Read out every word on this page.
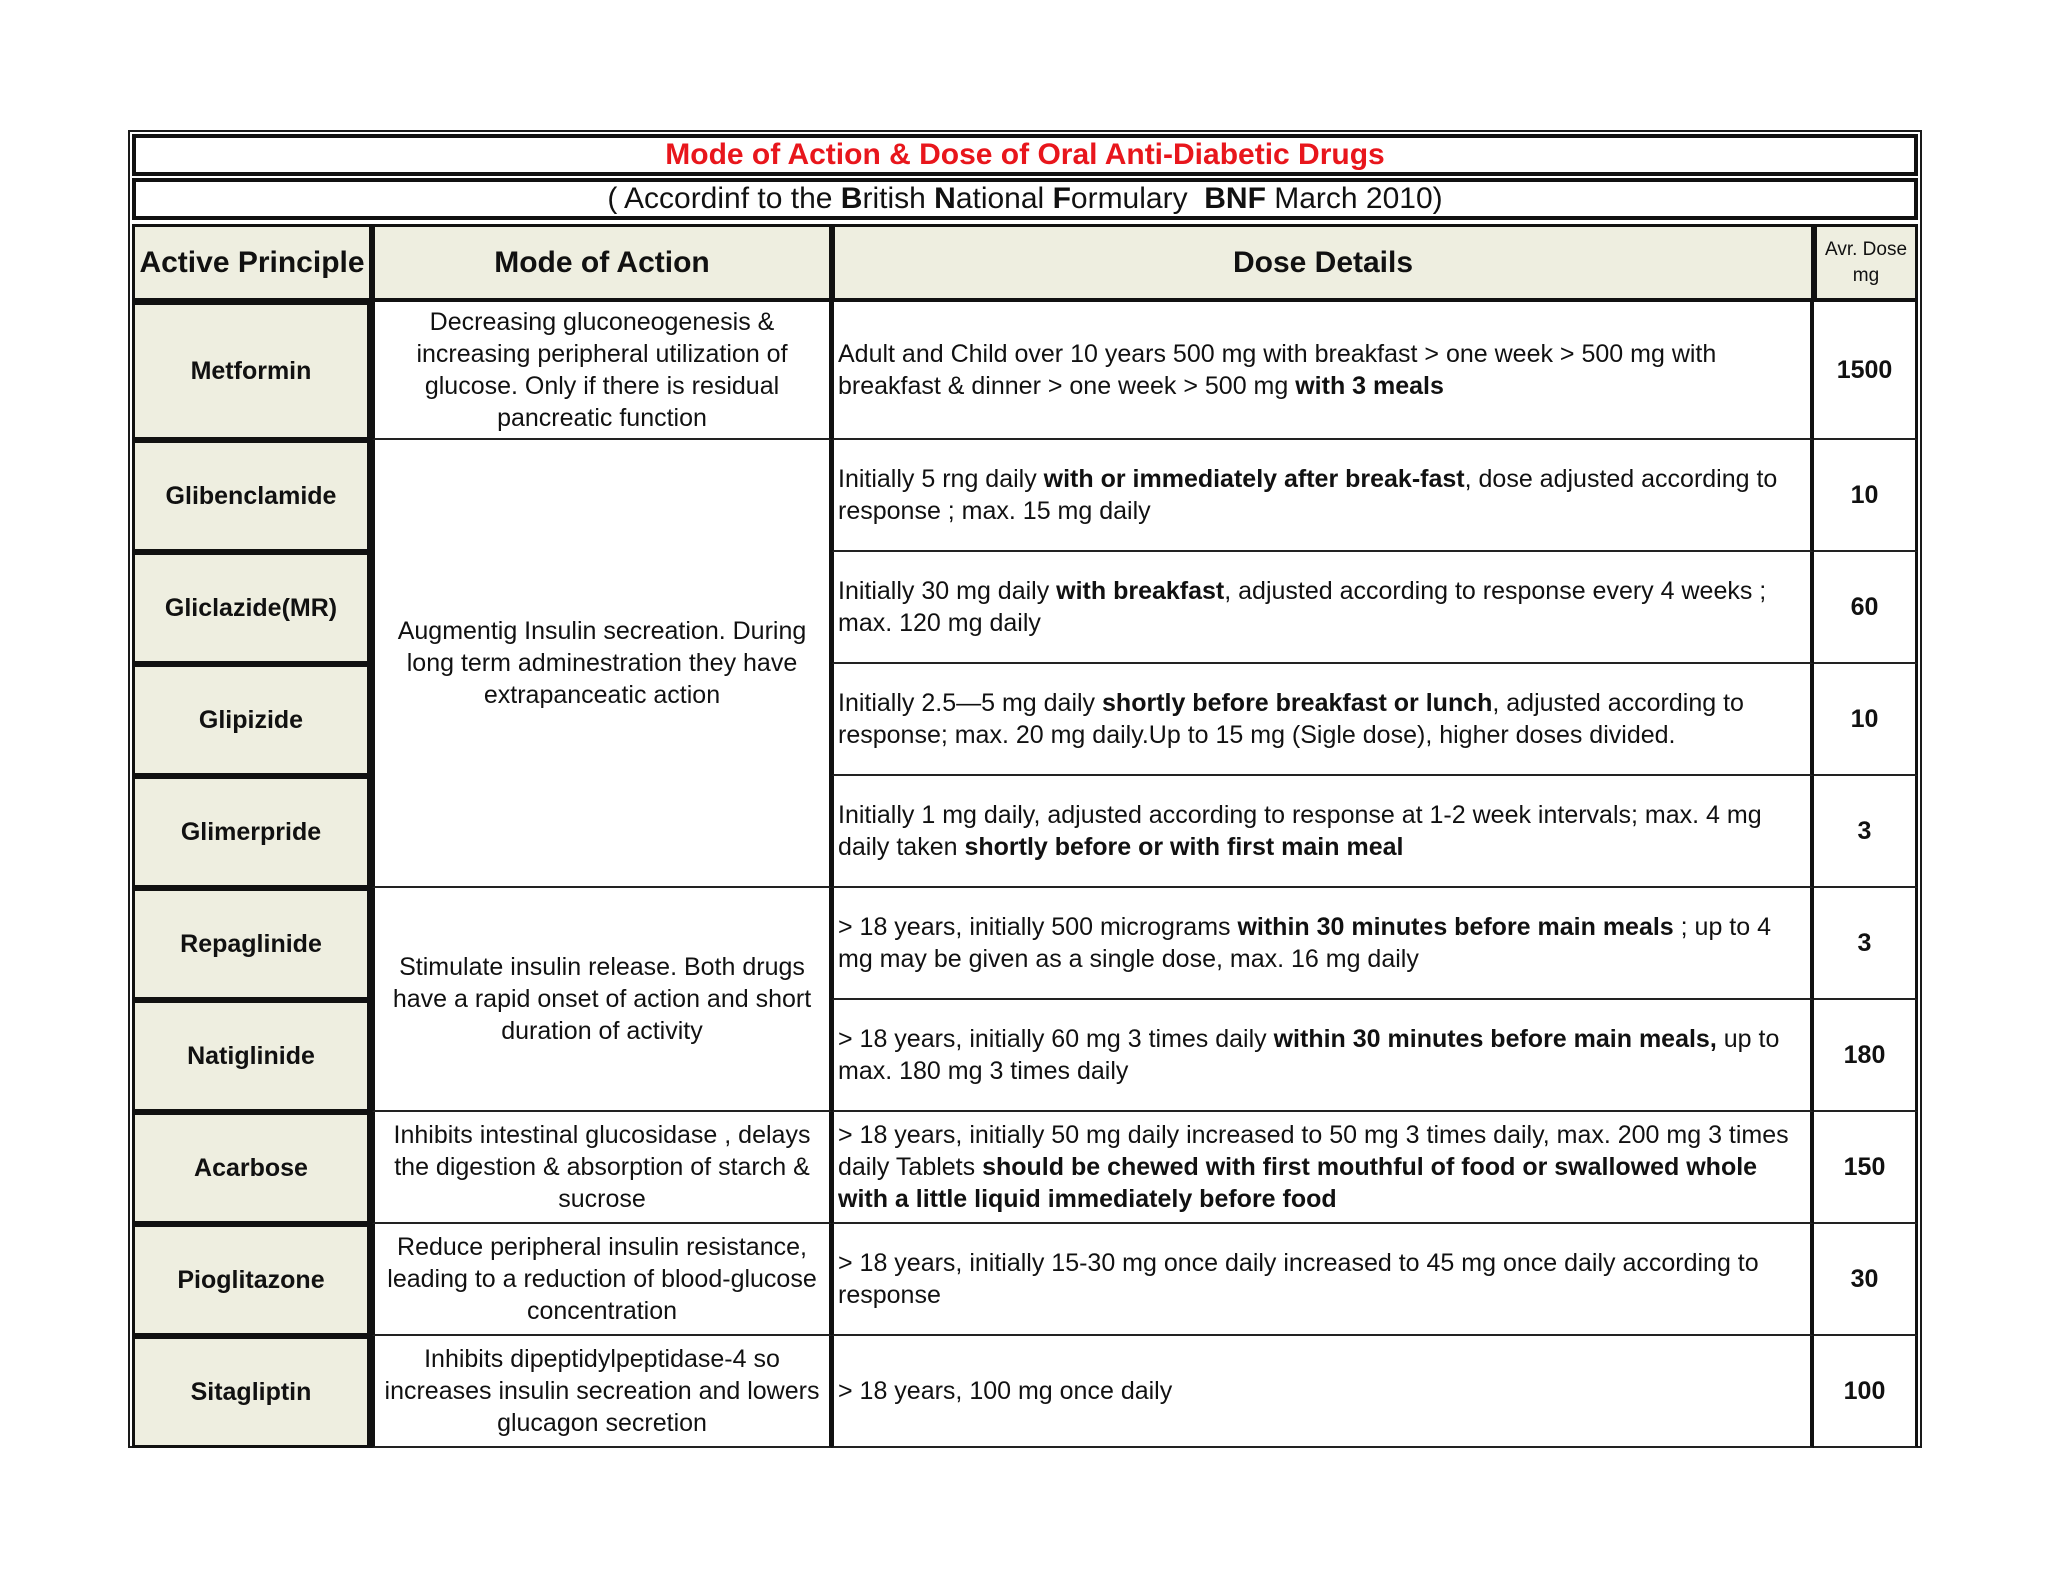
Mode of Action & Dose of Oral Anti-Diabetic Drugs
( Accordinf to the B ritish N ational F ormulary BNF March 2010)
Active Principle	Mode of Action	Dose Details	Avr. Dose mg
Metformin	Decreasing gluconeogenesis & increasing peripheral utilization of glucose. Only if there is residual pancreatic function	Adult and Child over 10 years 500 mg with breakfast > one week > 500 mg with breakfast & dinner > one week > 500 mg with 3 meals	1500
Glibenclamide	Augmentig Insulin secreation. During long term adminestration they have extrapanceatic action	Initially 5 rng daily with or immediately after break-fast, dose adjusted according to response ; max. 15 mg daily	10
Gliclazide(MR)		Initially 30 mg daily with breakfast, adjusted according to response every 4 weeks ; max. 120 mg daily	60
Glipizide		Initially 2.5—5 mg daily shortly before breakfast or lunch, adjusted according to response; max. 20 mg daily.Up to 15 mg (Sigle dose), higher doses divided.	10
Glimerpride		Initially 1 mg daily, adjusted according to response at 1-2 week intervals; max. 4 mg daily taken shortly before or with first main meal	3
Repaglinide	Stimulate insulin release. Both drugs have a rapid onset of action and short duration of activity	> 18 years, initially 500 micrograms within 30 minutes before main meals ; up to 4 mg may be given as a single dose, max. 16 mg daily	3
Natiglinide		> 18 years, initially 60 mg 3 times daily within 30 minutes before main meals, up to max. 180 mg 3 times daily	180
Acarbose	Inhibits intestinal glucosidase , delays the digestion & absorption of starch & sucrose	> 18 years, initially 50 mg daily increased to 50 mg 3 times daily, max. 200 mg 3 times daily Tablets should be chewed with first mouthful of food or swallowed whole with a little liquid immediately before food	150
Pioglitazone	Reduce peripheral insulin resistance, leading to a reduction of blood-glucose concentration	> 18 years, initially 15-30 mg once daily increased to 45 mg once daily according to response	30
Sitagliptin	Inhibits dipeptidylpeptidase-4 so increases insulin secreation and lowers glucagon secretion	> 18 years, 100 mg once daily	100
